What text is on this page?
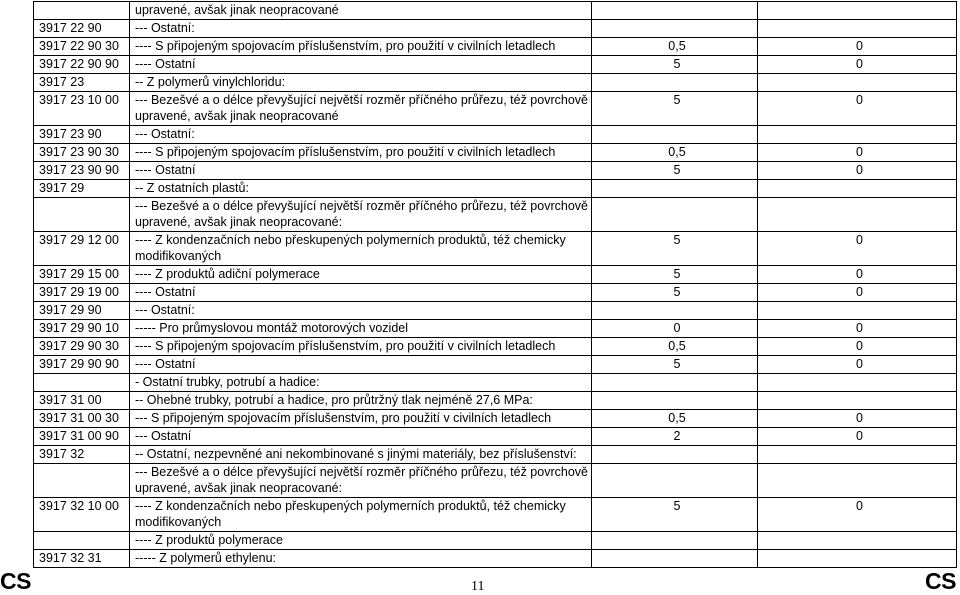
	upravené, avšak jinak neopracované		
3917 22 90	--- Ostatní:		
3917 22 90 30	---- S připojeným spojovacím příslušenstvím, pro použití v civilních letadlech	0,5	0
3917 22 90 90	---- Ostatní	5	0
3917 23	-- Z polymerů vinylchloridu:		
3917 23 10 00	--- Bezešvé a o délce převyšující největší rozměr příčného průřezu, též povrchově upravené, avšak jinak neopracované	5	0
3917 23 90	--- Ostatní:		
3917 23 90 30	---- S připojeným spojovacím příslušenstvím, pro použití v civilních letadlech	0,5	0
3917 23 90 90	---- Ostatní	5	0
3917 29	-- Z ostatních plastů:		
	--- Bezešvé a o délce převyšující největší rozměr příčného průřezu, též povrchově upravené, avšak jinak neopracované:		
3917 29 12 00	---- Z kondenzačních nebo přeskupených polymerních produktů, též chemicky modifikovaných	5	0
3917 29 15 00	---- Z produktů adiční polymerace	5	0
3917 29 19 00	---- Ostatní	5	0
3917 29 90	--- Ostatní:		
3917 29 90 10	----- Pro průmyslovou montáž motorových vozidel	0	0
3917 29 90 30	---- S připojeným spojovacím příslušenstvím, pro použití v civilních letadlech	0,5	0
3917 29 90 90	---- Ostatní	5	0
	- Ostatní trubky, potrubí a hadice:		
3917 31 00	-- Ohebné trubky, potrubí a hadice, pro průtržný tlak nejméně 27,6 MPa:		
3917 31 00 30	--- S připojeným spojovacím příslušenstvím, pro použití v civilních letadlech	0,5	0
3917 31 00 90	--- Ostatní	2	0
3917 32	-- Ostatní, nezpevněné ani nekombinované s jinými materiály, bez příslušenství:		
	--- Bezešvé a o délce převyšující největší rozměr příčného průřezu, též povrchově upravené, avšak jinak neopracované:		
3917 32 10 00	---- Z kondenzačních nebo přeskupených polymerních produktů, též chemicky modifikovaných	5	0
	---- Z produktů polymerace		
3917 32 31	----- Z polymerů ethylenu:		
CS	11	CS
